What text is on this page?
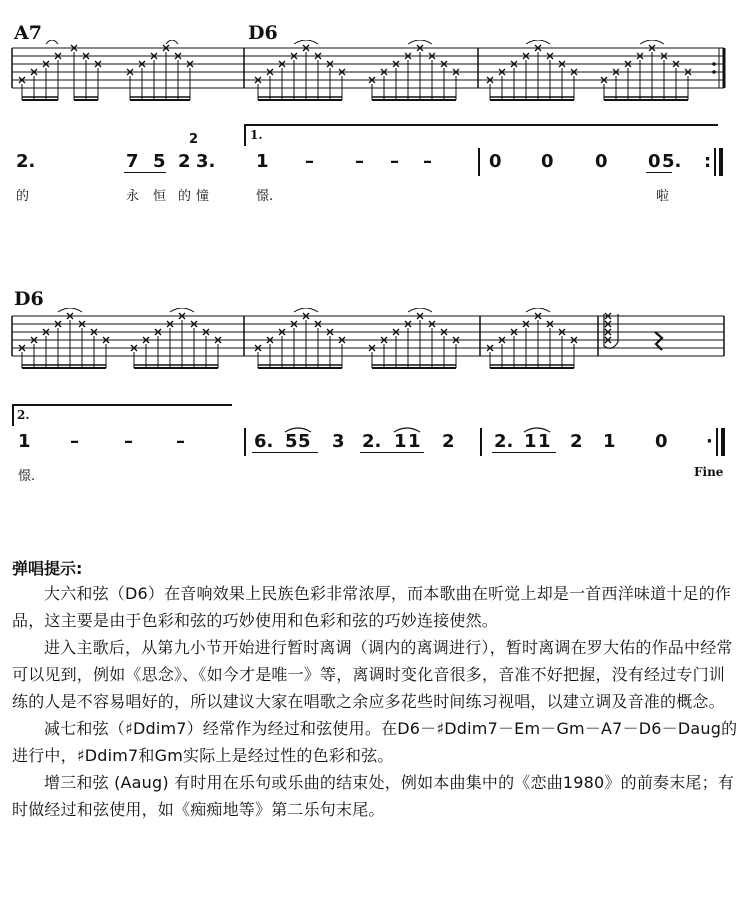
A7	D6
D6
1.
2.	7 5 2
2
3. 1 – – – –	0 0 0 0 5. :
的	永 恒 的 憧	憬.	啦
2.
1 –	– –	6. 5 5 3 2. 1 1 2 2. 1 1 2 1 0 ·
憬.	Fine
弹唱提示:

大六和弦（D6）在音响效果上民族色彩非常浓厚，而本歌曲在听觉上却是一首西洋味道十足的作品，这主要是由于色彩和弦的巧妙使用和色彩和弦的巧妙连接使然。

进入主歌后，从第九小节开始进行暂时离调（调内的离调进行），暂时离调在罗大佑的作品中经常可以见到，例如《思念》、《如今才是唯一》等，离调时变化音很多，音准不好把握，没有经过专门训练的人是不容易唱好的，所以建议大家在唱歌之余应多花些时间练习视唱，以建立调及音准的概念。

减七和弦（♯Ddim7）经常作为经过和弦使用。在D6－♯Ddim7－Em－Gm－A7－D6－Daug的进行中，♯Ddim7和Gm实际上是经过性的色彩和弦。

增三和弦 (Aaug) 有时用在乐句或乐曲的结束处，例如本曲集中的《恋曲1980》的前奏末尾；有时做经过和弦使用，如《痴痴地等》第二乐句末尾。
